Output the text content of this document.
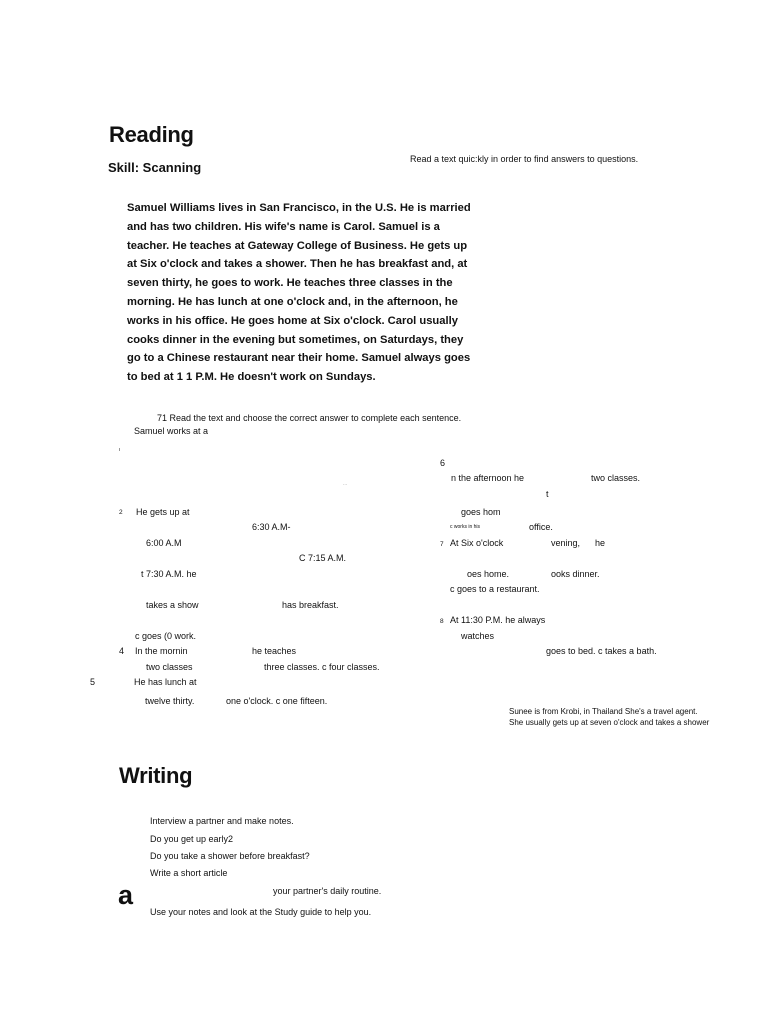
Reading
Skill: Scanning
Read a text quic:kly in order to find answers to questions.
Samuel Williams lives in San Francisco, in the U.S. He is married
and has two children. His wife's name is Carol. Samuel is a
teacher. He teaches at Gateway College of Business. He gets up
at Six o'clock and takes a shower. Then he has breakfast and, at
seven thirty, he goes to work. He teaches three classes in the
morning. He has lunch at one o'clock and, in the afternoon, he
works in his office. He goes home at Six o'clock. Carol usually
cooks dinner in the evening but sometimes, on Saturdays, they
go to a Chinese restaurant near their home. Samuel always goes
to bed at 1 1 P.M. He doesn't work on Sundays.
71 Read the text and choose the correct answer to complete each sentence.
Samuel works at a
ı
...
2 He gets up at
6:30 A.M-
6:00 A.M
C 7:15 A.M.
t 7:30 A.M. he
takes a show	has breakfast.
c goes (0 work.
4 In the mornin	he teaches
two classes	three classes. c four classes.
5	He has lunch at
twelve thirty.	one o'clock. c one fifteen.
6
n the afternoon he	two classes.
t
goes hom
c works in his	office.
7 At Six o'clock	vening, he
oes home.	ooks dinner.
c goes to a restaurant.
8 At 11:30 P.M. he always
watches
goes to bed. c takes a bath.
Sunee is from Krobi, in Thailand She's a travel agent. She usually gets up at seven o'clock and takes a shower
Writing
Interview a partner and make notes.
Do you get up early2
Do you take a shower before breakfast?
Write a short article
your partner's daily routine.
a
Use your notes and look at the Study guide to help you.
